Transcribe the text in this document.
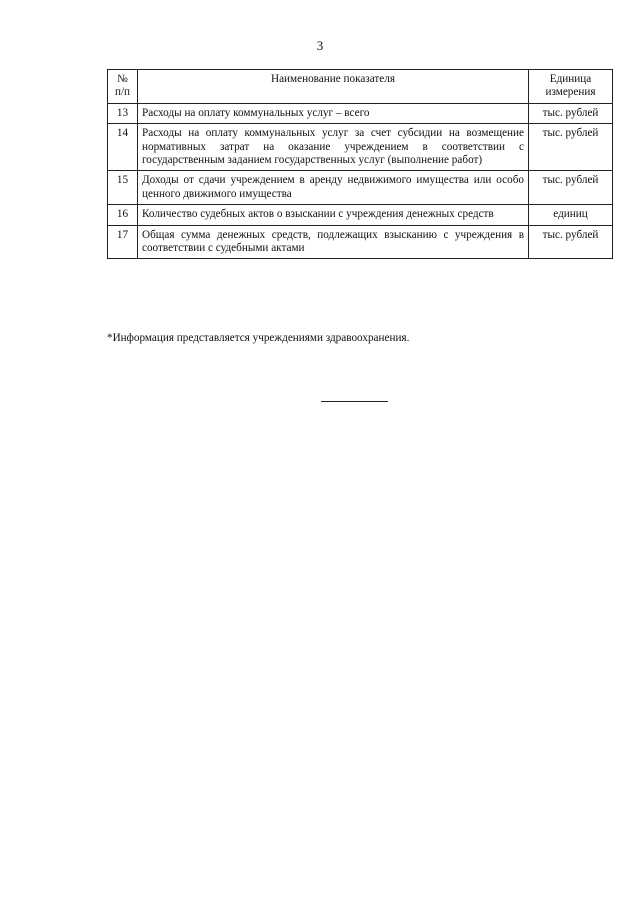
3
№ п/п	Наименование показателя	Единица измерения
13	Расходы на оплату коммунальных услуг – всего	тыс. рублей
14	Расходы на оплату коммунальных услуг за счет субсидии на возмещение нормативных затрат на оказание учреждением в соответствии с государственным заданием государственных услуг (выполнение работ)	тыс. рублей
15	Доходы от сдачи учреждением в аренду недвижимого имущества или особо ценного движимого имущества	тыс. рублей
16	Количество судебных актов о взыскании с учреждения денежных средств	единиц
17	Общая сумма денежных средств, подлежащих взысканию с учреждения в соответствии с судебными актами	тыс. рублей
*Информация представляется учреждениями здравоохранения.
